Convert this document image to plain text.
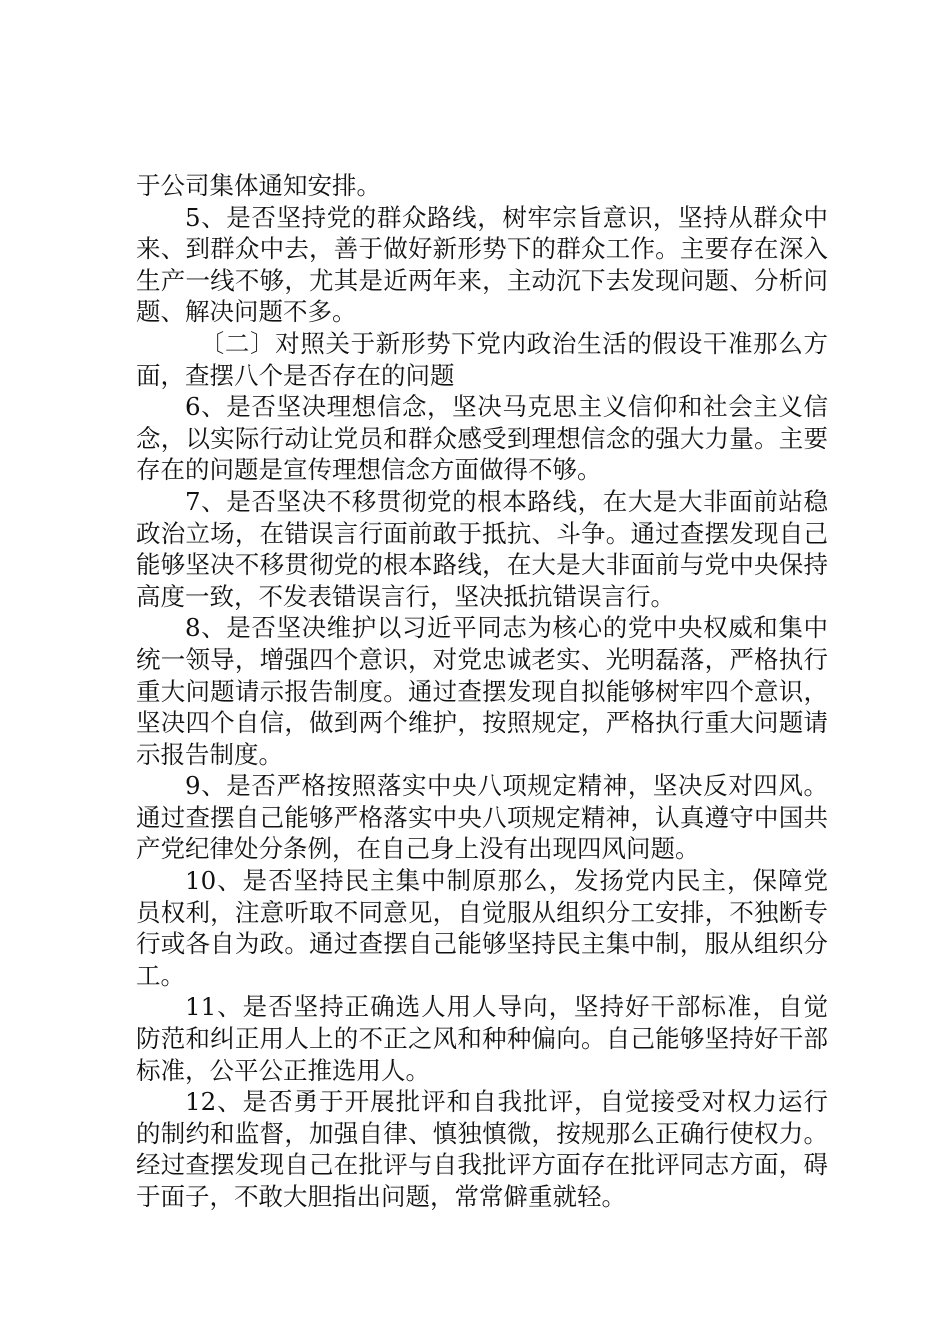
于公司集体通知安排。

5、是否坚持党的群众路线，树牢宗旨意识，坚持从群众中来、到群众中去，善于做好新形势下的群众工作。主要存在深入生产一线不够，尤其是近两年来，主动沉下去发现问题、分析问题、解决问题不多。

〔二〕对照关于新形势下党内政治生活的假设干准那么方面，查摆八个是否存在的问题

6、是否坚决理想信念，坚决马克思主义信仰和社会主义信念，以实际行动让党员和群众感受到理想信念的强大力量。主要存在的问题是宣传理想信念方面做得不够。

7、是否坚决不移贯彻党的根本路线，在大是大非面前站稳政治立场，在错误言行面前敢于抵抗、斗争。通过查摆发现自己能够坚决不移贯彻党的根本路线，在大是大非面前与党中央保持高度一致，不发表错误言行，坚决抵抗错误言行。

8、是否坚决维护以习近平同志为核心的党中央权威和集中统一领导，增强四个意识，对党忠诚老实、光明磊落，严格执行重大问题请示报告制度。通过查摆发现自拟能够树牢四个意识，坚决四个自信，做到两个维护，按照规定，严格执行重大问题请示报告制度。

9、是否严格按照落实中央八项规定精神，坚决反对四风。通过查摆自己能够严格落实中央八项规定精神，认真遵守中国共产党纪律处分条例，在自己身上没有出现四风问题。

10、是否坚持民主集中制原那么，发扬党内民主，保障党员权利，注意听取不同意见，自觉服从组织分工安排，不独断专行或各自为政。通过查摆自己能够坚持民主集中制，服从组织分工。

11、是否坚持正确选人用人导向，坚持好干部标准，自觉防范和纠正用人上的不正之风和种种偏向。自己能够坚持好干部标准，公平公正推选用人。

12、是否勇于开展批评和自我批评，自觉接受对权力运行的制约和监督，加强自律、慎独慎微，按规那么正确行使权力。经过查摆发现自己在批评与自我批评方面存在批评同志方面，碍于面子，不敢大胆指出问题，常常僻重就轻。
